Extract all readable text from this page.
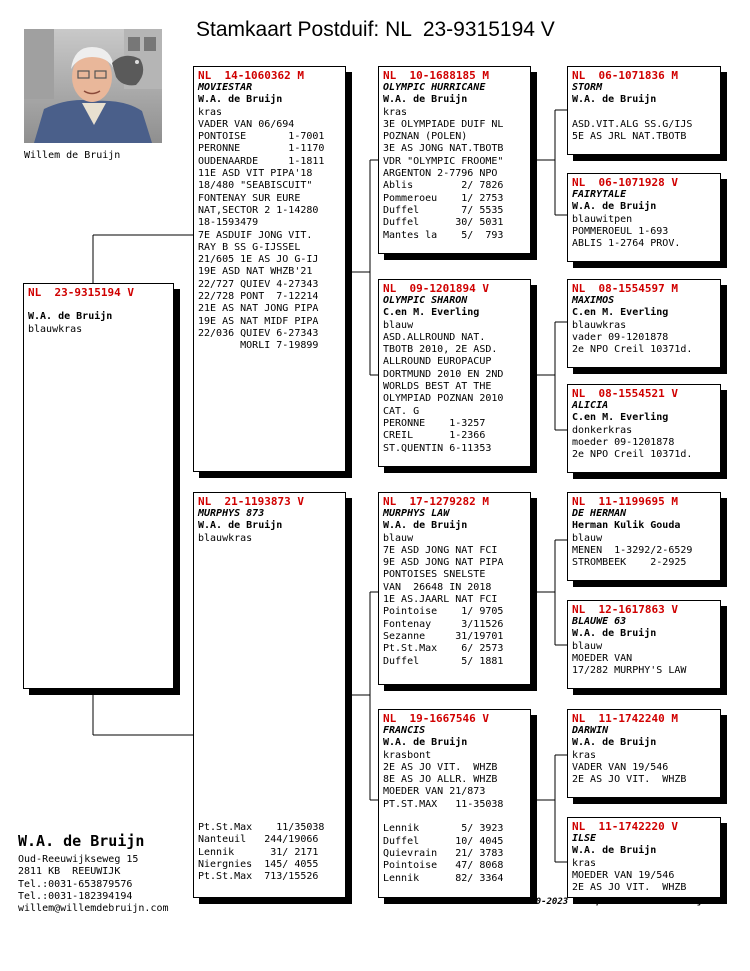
Stamkaart Postduif: NL  23-9315194 V
Willem de Bruijn
NL  23-9315194 V

W.A. de Bruijn
blauwkras
NL  14-1060362 M
MOVIESTAR
W.A. de Bruijn
kras
VADER VAN 06/694
PONTOISE       1-7001
PERONNE        1-1170
OUDENAARDE     1-1811
11E ASD VIT PIPA'18
18/480 "SEABISCUIT"
FONTENAY SUR EURE
NAT,SECTOR 2 1-14280
18-1593479
7E ASDUIF JONG VIT.
RAY B SS G-IJSSEL
21/605 1E AS JO G-IJ
19E ASD NAT WHZB'21
22/727 QUIEV 4-27343
22/728 PONT  7-12214
21E AS NAT JONG PIPA
19E AS NAT MIDF PIPA
22/036 QUIEV 6-27343
MORLI 7-19899
NL  21-1193873 V
MURPHYS 873
W.A. de Bruijn
blauwkras
Pt.St.Max    11/35038
Nanteuil   244/19066
Lennik      31/ 2171
Niergnies  145/ 4055
Pt.St.Max  713/15526
NL  10-1688185 M
OLYMPIC HURRICANE
W.A. de Bruijn
kras
3E OLYMPIADE DUIF NL
POZNAN (POLEN)
3E AS JONG NAT.TBOTB
VDR "OLYMPIC FROOME"
ARGENTON 2-7796 NPO
Ablis        2/ 7826
Pommeroeu    1/ 2753
Duffel       7/ 5535
Duffel      30/ 5031
Mantes la    5/  793
NL  09-1201894 V
OLYMPIC SHARON
C.en M. Everling
blauw
ASD.ALLROUND NAT.
TBOTB 2010, 2E ASD.
ALLROUND EUROPACUP
DORTMUND 2010 EN 2ND
WORLDS BEST AT THE
OLYMPIAD POZNAN 2010
CAT. G
PERONNE    1-3257
CREIL      1-2366
ST.QUENTIN 6-11353
NL  17-1279282 M
MURPHYS LAW
W.A. de Bruijn
blauw
7E ASD JONG NAT FCI
9E ASD JONG NAT PIPA
PONTOISES SNELSTE
VAN  26648 IN 2018
1E AS.JAARL NAT FCI
Pointoise    1/ 9705
Fontenay     3/11526
Sezanne     31/19701
Pt.St.Max    6/ 2573
Duffel       5/ 1881
NL  19-1667546 V
FRANCIS
W.A. de Bruijn
krasbont
2E AS JO VIT.  WHZB
8E AS JO ALLR. WHZB
MOEDER VAN 21/873
PT.ST.MAX   11-35038

Lennik       5/ 3923
Duffel      10/ 4045
Quievrain   21/ 3783
Pointoise   47/ 8068
Lennik      82/ 3364
NL  06-1071836 M
STORM
W.A. de Bruijn

ASD.VIT.ALG SS.G/IJS
5E AS JRL NAT.TBOTB
NL  06-1071928 V
FAIRYTALE
W.A. de Bruijn
blauwitpen
POMMEROEUL 1-693
ABLIS 1-2764 PROV.
NL  08-1554597 M
MAXIMOS
C.en M. Everling
blauwkras
vader 09-1201878
2e NPO Creil 10371d.
NL  08-1554521 V
ALICIA
C.en M. Everling
donkerkras
moeder 09-1201878
2e NPO Creil 10371d.
NL  11-1199695 M
DE HERMAN
Herman Kulik Gouda
blauw
MENEN  1-3292/2-6529
STROMBEEK    2-2925
NL  12-1617863 V
BLAUWE 63
W.A. de Bruijn
blauw
MOEDER VAN
17/282 MURPHY'S LAW
NL  11-1742240 M
DARWIN
W.A. de Bruijn
kras
VADER VAN 19/546
2E AS JO VIT.  WHZB
NL  11-1742220 V
ILSE
W.A. de Bruijn
kras
MOEDER VAN 19/546
2E AS JO VIT.  WHZB
W.A. de Bruijn
Oud-Reeuwijkseweg 15
2811 KB  REEUWIJK
Tel.:0031-653879576
Tel.:0031-182394194
willem@willemdebruijn.com
29-10-2023 Compuclub © W.A. de Bruijn
